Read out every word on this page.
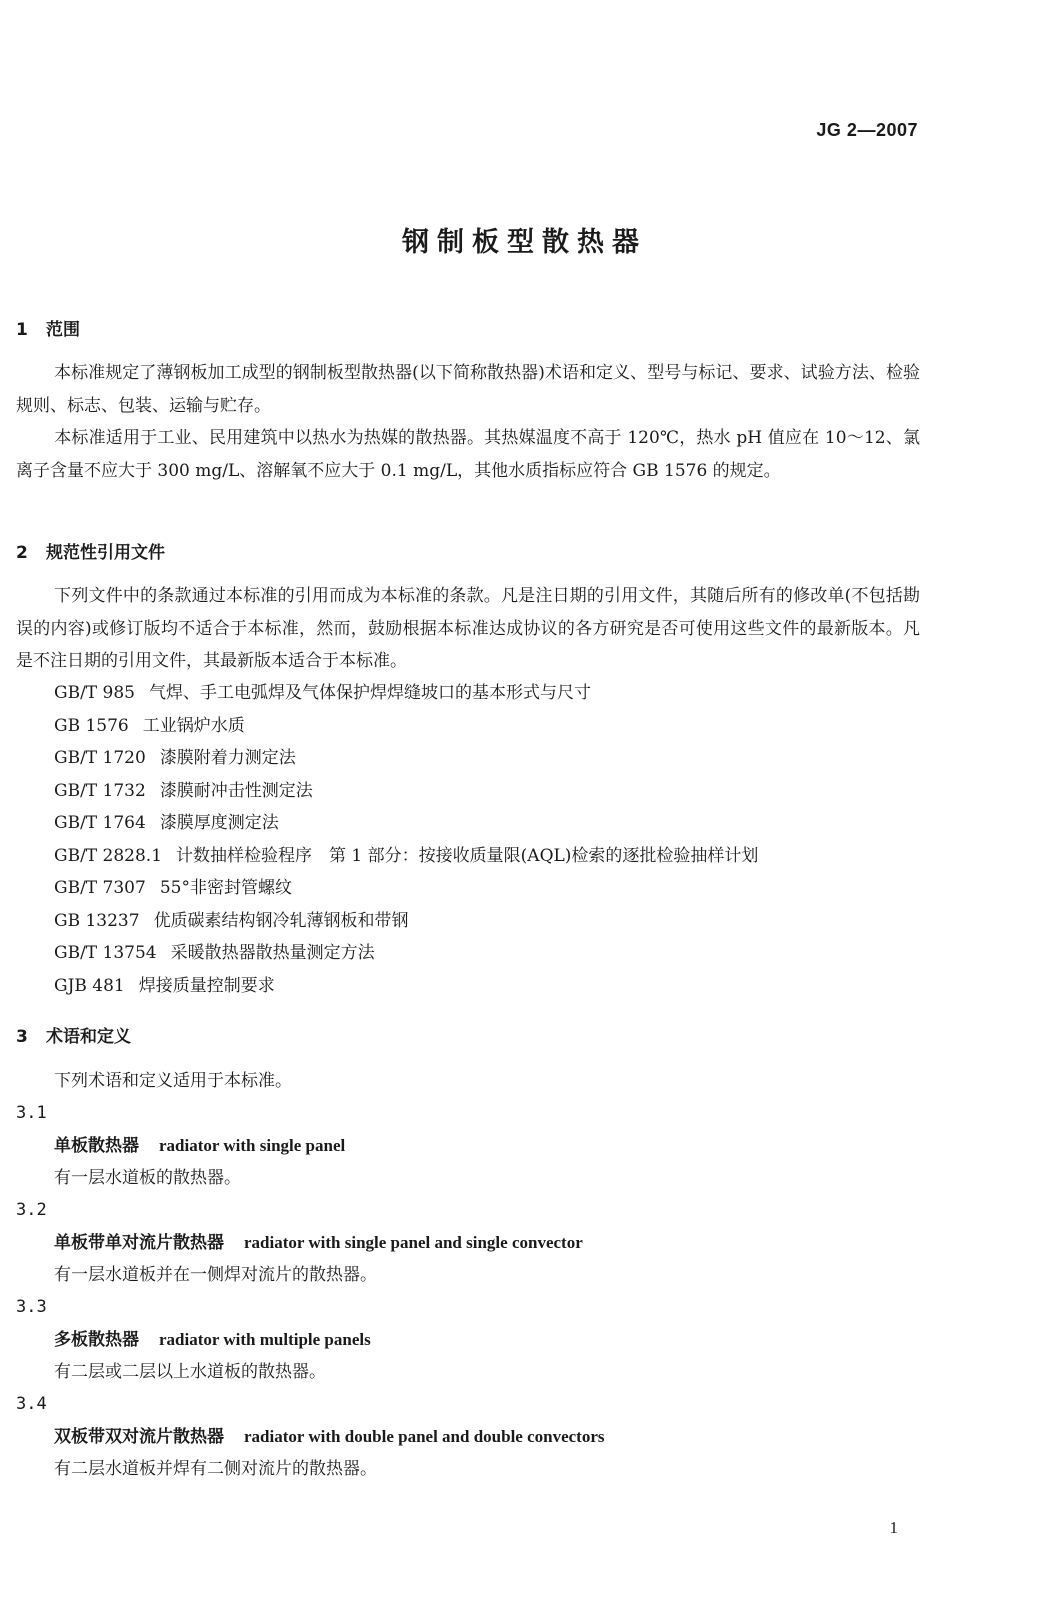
JG 2—2007
钢制板型散热器
1 范围
本标准规定了薄钢板加工成型的钢制板型散热器(以下简称散热器)术语和定义、型号与标记、要求、试验方法、检验规则、标志、包装、运输与贮存。
本标准适用于工业、民用建筑中以热水为热媒的散热器。其热媒温度不高于 120℃，热水 pH 值应在 10～12、氯离子含量不应大于 300 mg/L、溶解氧不应大于 0.1 mg/L，其他水质指标应符合 GB 1576 的规定。
2 规范性引用文件
下列文件中的条款通过本标准的引用而成为本标准的条款。凡是注日期的引用文件，其随后所有的修改单(不包括勘误的内容)或修订版均不适合于本标准，然而，鼓励根据本标准达成协议的各方研究是否可使用这些文件的最新版本。凡是不注日期的引用文件，其最新版本适合于本标准。
GB/T 985 气焊、手工电弧焊及气体保护焊焊缝坡口的基本形式与尺寸
GB 1576 工业锅炉水质
GB/T 1720 漆膜附着力测定法
GB/T 1732 漆膜耐冲击性测定法
GB/T 1764 漆膜厚度测定法
GB/T 2828.1 计数抽样检验程序　第 1 部分：按接收质量限(AQL)检索的逐批检验抽样计划
GB/T 7307 55°非密封管螺纹
GB 13237 优质碳素结构钢冷轧薄钢板和带钢
GB/T 13754 采暖散热器散热量测定方法
GJB 481 焊接质量控制要求
3 术语和定义
下列术语和定义适用于本标准。
3.1
单板散热器 radiator with single panel
有一层水道板的散热器。
3.2
单板带单对流片散热器 radiator with single panel and single convector
有一层水道板并在一侧焊对流片的散热器。
3.3
多板散热器 radiator with multiple panels
有二层或二层以上水道板的散热器。
3.4
双板带双对流片散热器 radiator with double panel and double convectors
有二层水道板并焊有二侧对流片的散热器。
1
